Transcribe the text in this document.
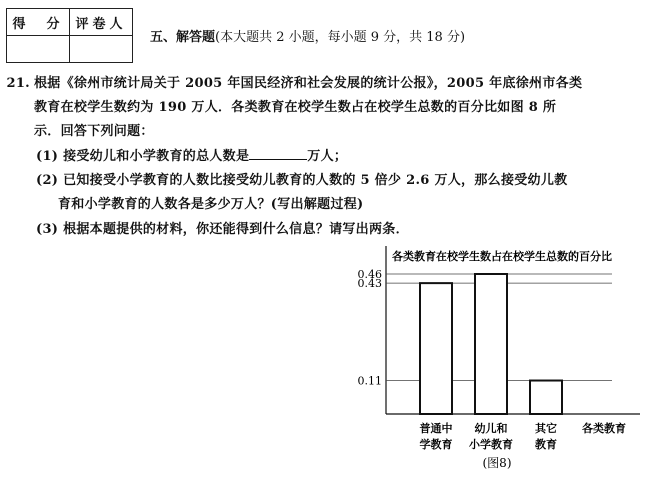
得　分	评卷人

五、解答题(本大题共 2 小题，每小题 9 分，共 18 分)
21. 根据《徐州市统计局关于 2005 年国民经济和社会发展的统计公报》，2005 年底徐州市各类
教育在校学生数约为 190 万人．各类教育在校学生数占在校学生总数的百分比如图 8 所
示．回答下列问题：
(1) 接受幼儿和小学教育的总人数是	万人；
(2) 已知接受小学教育的人数比接受幼儿教育的人数的 5 倍少 2.6 万人，那么接受幼儿教
育和小学教育的人数各是多少万人？(写出解题过程)
(3) 根据本题提供的材料，你还能得到什么信息？请写出两条．
各类教育在校学生数占在校学生总数的百分比
0.46
0.43
0.11
普通中
学教育
幼儿和
小学教育
其它
教育
各类教育
(图8)
